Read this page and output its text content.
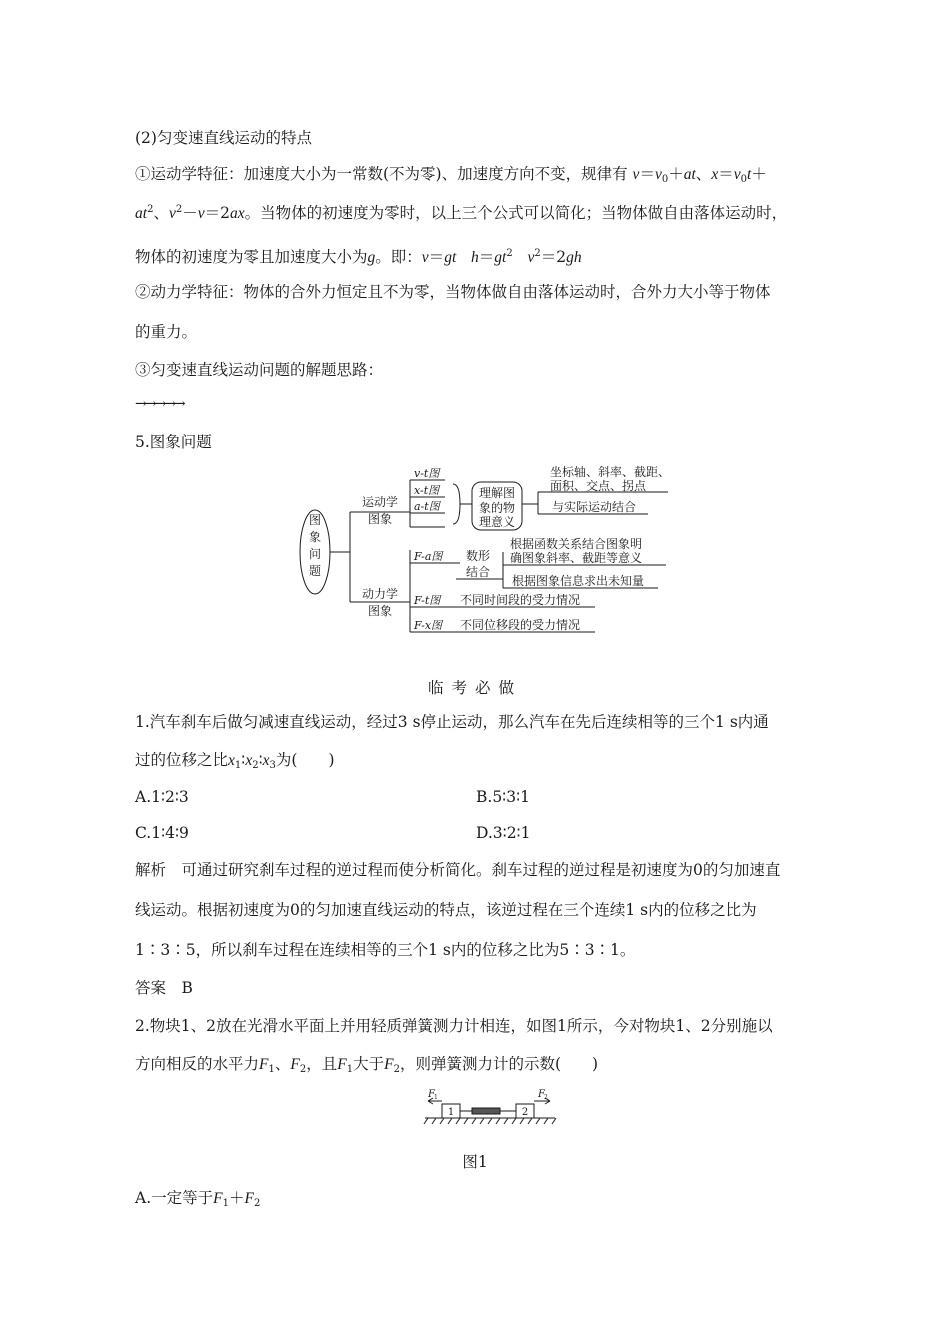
(2)匀变速直线运动的特点
①运动学特征：加速度大小为一常数(不为零)、加速度方向不变，规律有 $v=v_0+at$、$x=v_0t+$
$at^2$、$v^2-v=2ax$。当物体的初速度为零时，以上三个公式可以简化；当物体做自由落体运动时，
物体的初速度为零且加速度大小为g。即：v＝gt $h=gt^2$ $v^2=2gh$
②动力学特征：物体的合外力恒定且不为零，当物体做自由落体运动时，合外力大小等于物体
的重力。
③匀变速直线运动问题的解题思路：
→→→→→
5.图象问题
图
象
问
题
运动学
图象
v-t图
x-t图
a-t图
理解图
象的物
理意义
坐标轴、斜率、截距、
面积、交点、拐点
与实际运动结合
动力学
图象
F-a图 数形
结合
根据函数关系结合图象明
确图象斜率、截距等意义
根据图象信息求出未知量
F-t图 不同时间段的受力情况
F-x图 不同位移段的受力情况
临考必做
1.汽车刹车后做匀减速直线运动，经过3 s停止运动，那么汽车在先后连续相等的三个1 s内通
过的位移之比$x_1∶x_2∶x_3$为(　　)
A.1∶2∶3	B.5∶3∶1
C.1∶4∶9	D.3∶2∶1
解析　可通过研究刹车过程的逆过程而使分析简化。刹车过程的逆过程是初速度为0的匀加速直
线运动。根据初速度为0的匀加速直线运动的特点，该逆过程在三个连续1 s内的位移之比为
1∶3∶5，所以刹车过程在连续相等的三个1 s内的位移之比为5∶3∶1。
答案　B
2.物块1、2放在光滑水平面上并用轻质弹簧测力计相连，如图1所示，今对物块1、2分别施以
方向相反的水平力$F_1$、$F_2$，且$F_1$大于$F_2$，则弹簧测力计的示数(　　)
F 1	F 2
1	2
图1
A.一定等于$F_1+F_2$
